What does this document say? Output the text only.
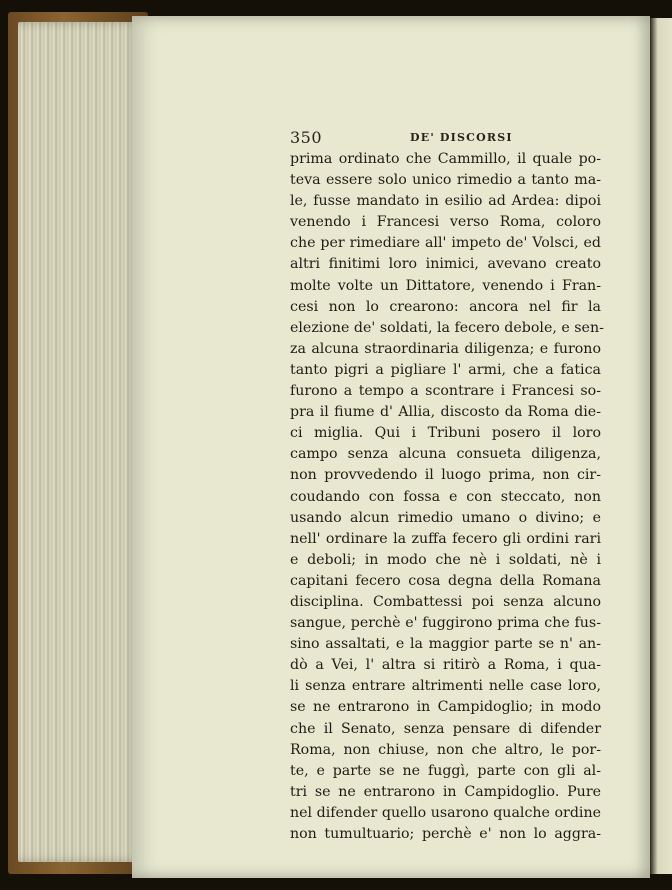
350	DE' DISCORSI
prima ordinato che Cammillo, il quale po-
teva essere solo unico rimedio a tanto ma-
le, fusse mandato in esilio ad Ardea: dipoi
venendo i Francesi verso Roma, coloro
che per rimediare all' impeto de' Volsci, ed
altri finitimi loro inimici, avevano creato
molte volte un Dittatore, venendo i Fran-
cesi non lo crearono: ancora nel fir la
elezione de' soldati, la fecero debole, e sen-
za alcuna straordinaria diligenza; e furono
tanto pigri a pigliare l' armi, che a fatica
furono a tempo a scontrare i Francesi so-
pra il fiume d' Allia, discosto da Roma die-
ci miglia. Qui i Tribuni posero il loro
campo senza alcuna consueta diligenza,
non provvedendo il luogo prima, non cir-
coudando con fossa e con steccato, non
usando alcun rimedio umano o divino; e
nell' ordinare la zuffa fecero gli ordini rari
e deboli; in modo che nè i soldati, nè i
capitani fecero cosa degna della Romana
disciplina. Combattessi poi senza alcuno
sangue, perchè e' fuggirono prima che fus-
sino assaltati, e la maggior parte se n' an-
dò a Vei, l' altra si ritirò a Roma, i qua-
li senza entrare altrimenti nelle case loro,
se ne entrarono in Campidoglio; in modo
che il Senato, senza pensare di difender
Roma, non chiuse, non che altro, le por-
te, e parte se ne fuggì, parte con gli al-
tri se ne entrarono in Campidoglio. Pure
nel difender quello usarono qualche ordine
non tumultuario; perchè e' non lo aggra-
